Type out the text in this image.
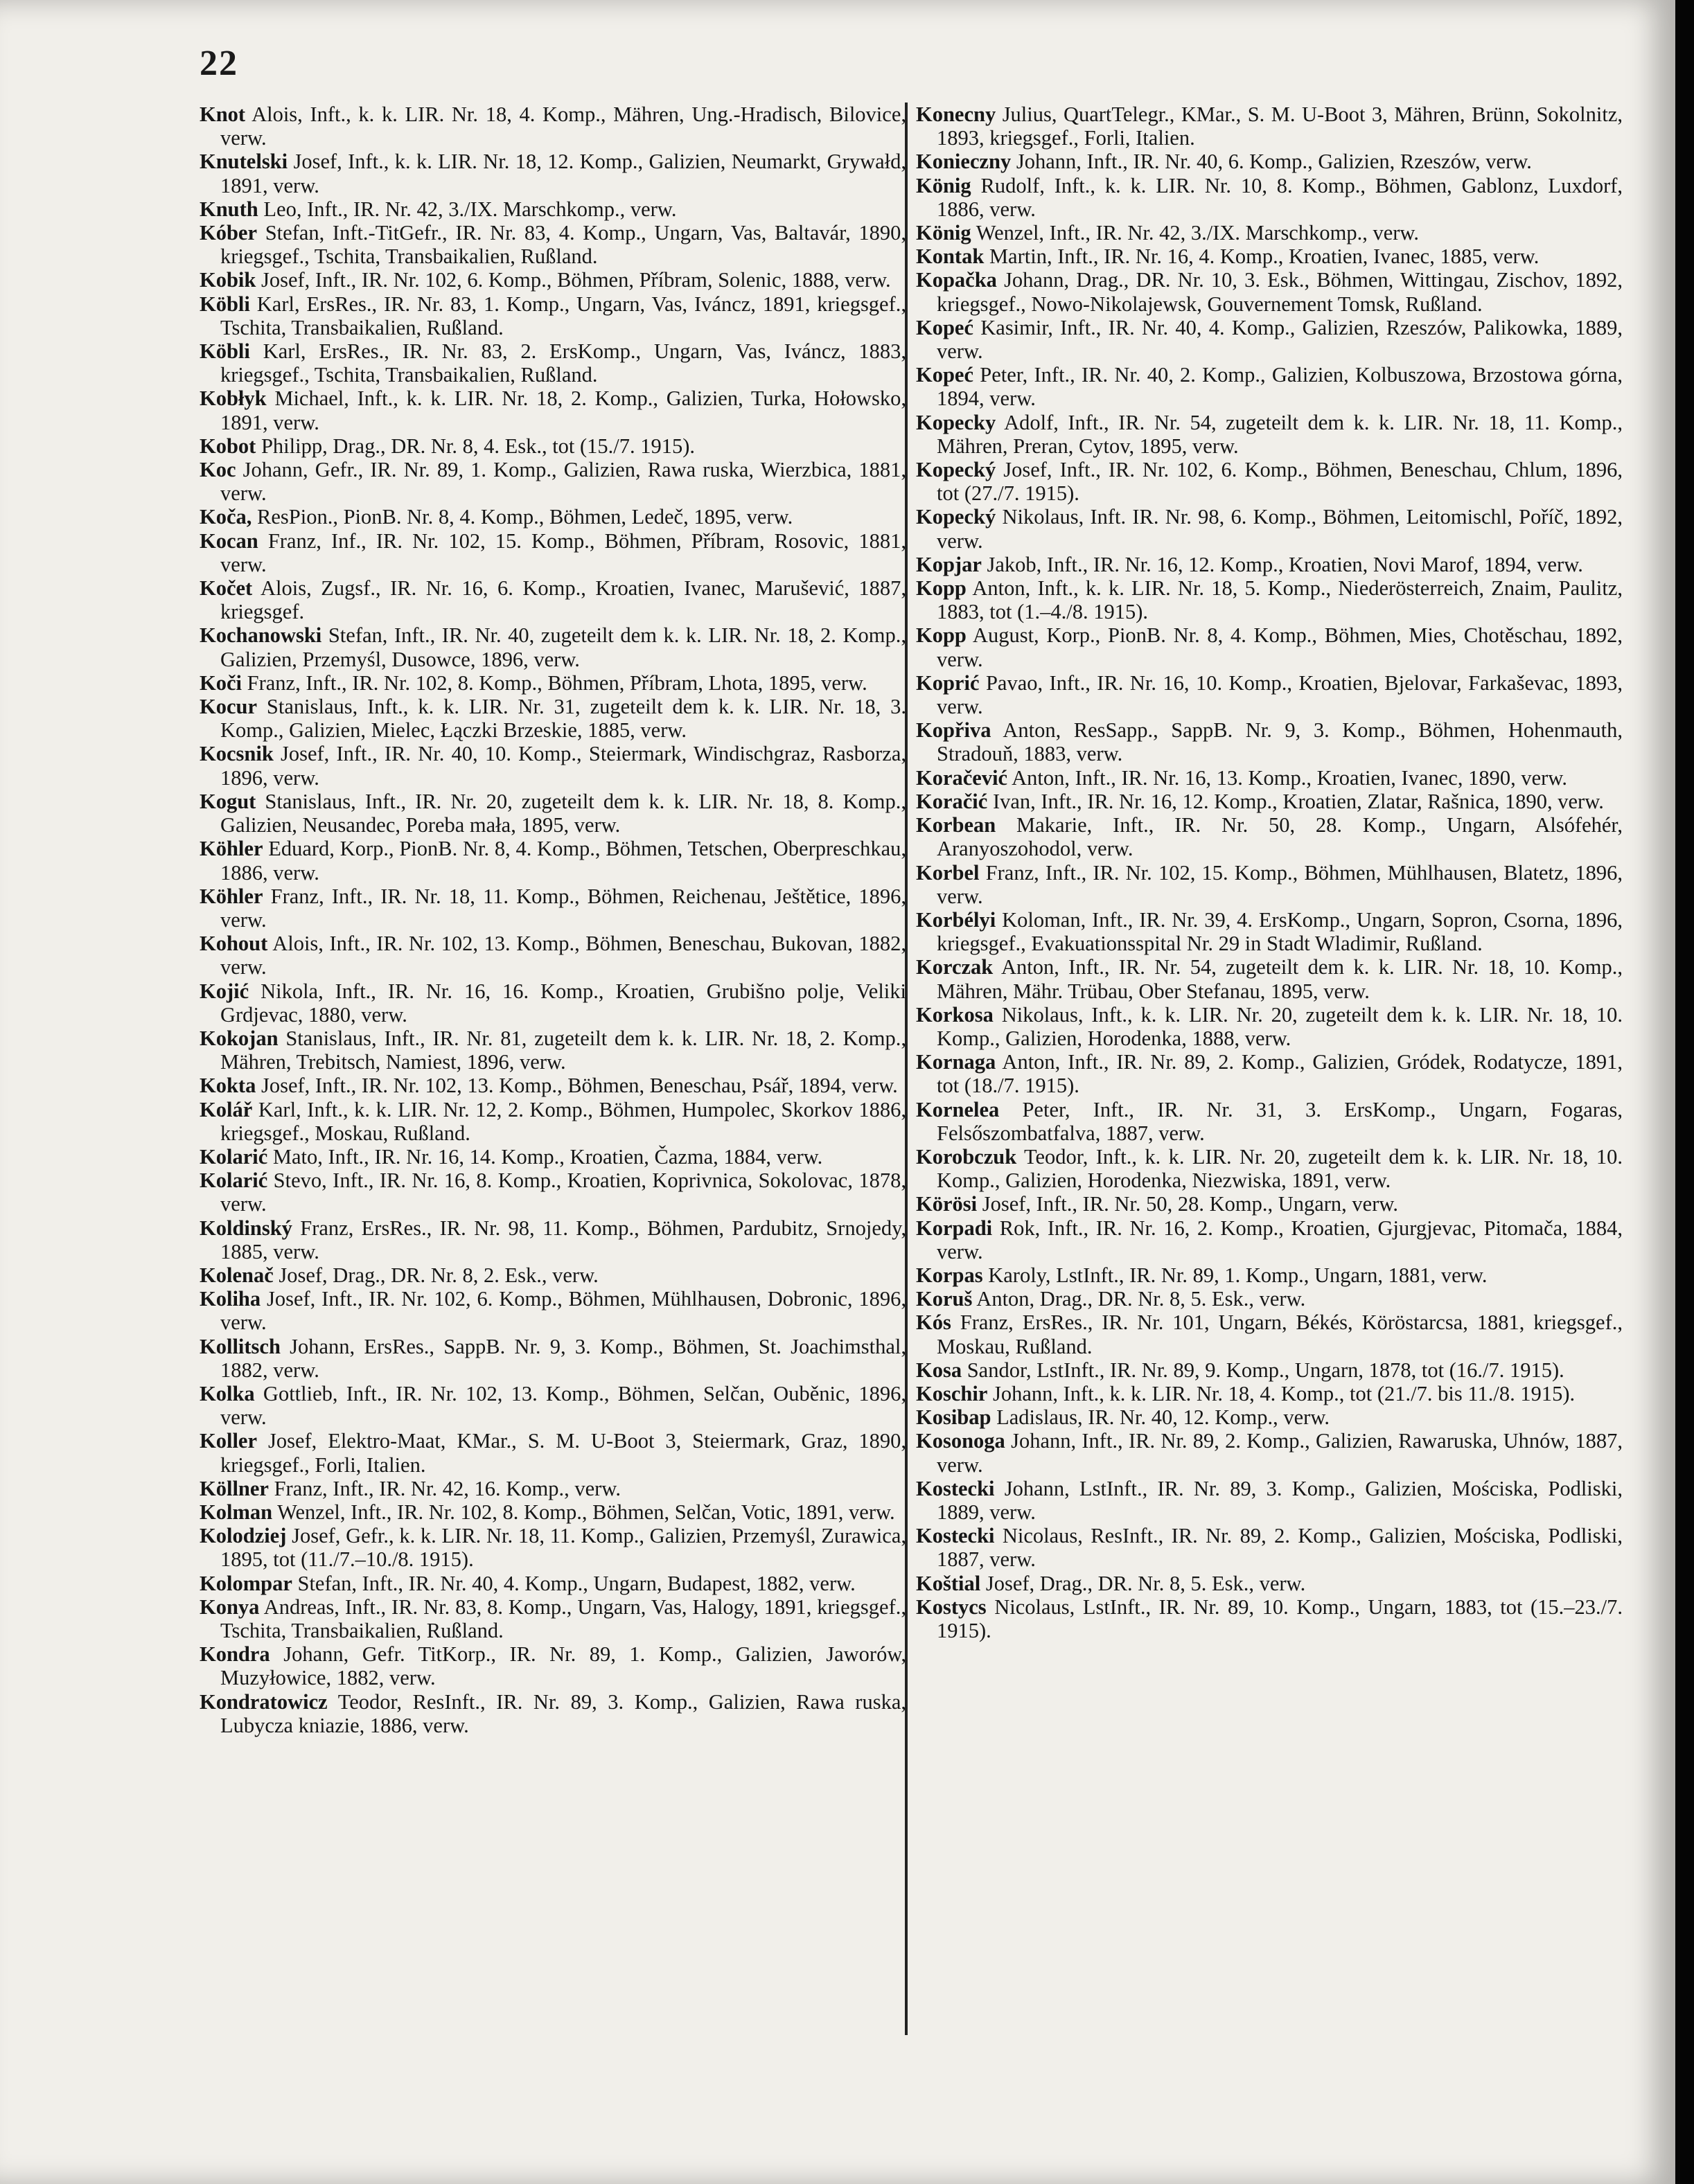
22
Knot Alois, Inft., k. k. LIR. Nr. 18, 4. Komp., Mähren, Ung.-Hradisch, Bilovice, verw.
Knutelski Josef, Inft., k. k. LIR. Nr. 18, 12. Komp., Galizien, Neumarkt, Grywałd, 1891, verw.
Knuth Leo, Inft., IR. Nr. 42, 3./IX. Marschkomp., verw.
Kóber Stefan, Inft.-TitGefr., IR. Nr. 83, 4. Komp., Ungarn, Vas, Baltavár, 1890, kriegsgef., Tschita, Transbaikalien, Rußland.
Kobik Josef, Inft., IR. Nr. 102, 6. Komp., Böhmen, Příbram, Solenic, 1888, verw.
Köbli Karl, ErsRes., IR. Nr. 83, 1. Komp., Ungarn, Vas, Iváncz, 1891, kriegsgef., Tschita, Transbaikalien, Rußland.
Köbli Karl, ErsRes., IR. Nr. 83, 2. ErsKomp., Ungarn, Vas, Iváncz, 1883, kriegsgef., Tschita, Transbaikalien, Rußland.
Kobłyk Michael, Inft., k. k. LIR. Nr. 18, 2. Komp., Galizien, Turka, Hołowsko, 1891, verw.
Kobot Philipp, Drag., DR. Nr. 8, 4. Esk., tot (15./7. 1915).
Koc Johann, Gefr., IR. Nr. 89, 1. Komp., Galizien, Rawa ruska, Wierzbica, 1881, verw.
Koča, ResPion., PionB. Nr. 8, 4. Komp., Böhmen, Ledeč, 1895, verw.
Kocan Franz, Inf., IR. Nr. 102, 15. Komp., Böhmen, Příbram, Rosovic, 1881, verw.
Kočet Alois, Zugsf., IR. Nr. 16, 6. Komp., Kroatien, Ivanec, Marušević, 1887, kriegsgef.
Kochanowski Stefan, Inft., IR. Nr. 40, zugeteilt dem k. k. LIR. Nr. 18, 2. Komp., Galizien, Przemyśl, Dusowce, 1896, verw.
Koči Franz, Inft., IR. Nr. 102, 8. Komp., Böhmen, Příbram, Lhota, 1895, verw.
Kocur Stanislaus, Inft., k. k. LIR. Nr. 31, zugeteilt dem k. k. LIR. Nr. 18, 3. Komp., Galizien, Mielec, Łączki Brzeskie, 1885, verw.
Kocsnik Josef, Inft., IR. Nr. 40, 10. Komp., Steiermark, Windischgraz, Rasborza, 1896, verw.
Kogut Stanislaus, Inft., IR. Nr. 20, zugeteilt dem k. k. LIR. Nr. 18, 8. Komp., Galizien, Neusandec, Poreba mała, 1895, verw.
Köhler Eduard, Korp., PionB. Nr. 8, 4. Komp., Böhmen, Tetschen, Oberpreschkau, 1886, verw.
Köhler Franz, Inft., IR. Nr. 18, 11. Komp., Böhmen, Reichenau, Ještětice, 1896, verw.
Kohout Alois, Inft., IR. Nr. 102, 13. Komp., Böhmen, Beneschau, Bukovan, 1882, verw.
Kojić Nikola, Inft., IR. Nr. 16, 16. Komp., Kroatien, Grubišno polje, Veliki Grdjevac, 1880, verw.
Kokojan Stanislaus, Inft., IR. Nr. 81, zugeteilt dem k. k. LIR. Nr. 18, 2. Komp., Mähren, Trebitsch, Namiest, 1896, verw.
Kokta Josef, Inft., IR. Nr. 102, 13. Komp., Böhmen, Beneschau, Psář, 1894, verw.
Kolář Karl, Inft., k. k. LIR. Nr. 12, 2. Komp., Böhmen, Humpolec, Skorkov 1886, kriegsgef., Moskau, Rußland.
Kolarić Mato, Inft., IR. Nr. 16, 14. Komp., Kroatien, Čazma, 1884, verw.
Kolarić Stevo, Inft., IR. Nr. 16, 8. Komp., Kroatien, Koprivnica, Sokolovac, 1878, verw.
Koldinský Franz, ErsRes., IR. Nr. 98, 11. Komp., Böhmen, Pardubitz, Srnojedy, 1885, verw.
Kolenač Josef, Drag., DR. Nr. 8, 2. Esk., verw.
Koliha Josef, Inft., IR. Nr. 102, 6. Komp., Böhmen, Mühlhausen, Dobronic, 1896, verw.
Kollitsch Johann, ErsRes., SappB. Nr. 9, 3. Komp., Böhmen, St. Joachimsthal, 1882, verw.
Kolka Gottlieb, Inft., IR. Nr. 102, 13. Komp., Böhmen, Selčan, Ouběnic, 1896, verw.
Koller Josef, Elektro-Maat, KMar., S. M. U-Boot 3, Steiermark, Graz, 1890, kriegsgef., Forli, Italien.
Köllner Franz, Inft., IR. Nr. 42, 16. Komp., verw.
Kolman Wenzel, Inft., IR. Nr. 102, 8. Komp., Böhmen, Selčan, Votic, 1891, verw.
Kolodziej Josef, Gefr., k. k. LIR. Nr. 18, 11. Komp., Galizien, Przemyśl, Zurawica, 1895, tot (11./7.–10./8. 1915).
Kolompar Stefan, Inft., IR. Nr. 40, 4. Komp., Ungarn, Budapest, 1882, verw.
Konya Andreas, Inft., IR. Nr. 83, 8. Komp., Ungarn, Vas, Halogy, 1891, kriegsgef., Tschita, Transbaikalien, Rußland.
Kondra Johann, Gefr. TitKorp., IR. Nr. 89, 1. Komp., Galizien, Jaworów, Muzyłowice, 1882, verw.
Kondratowicz Teodor, ResInft., IR. Nr. 89, 3. Komp., Galizien, Rawa ruska, Lubycza kniazie, 1886, verw.
Konecny Julius, QuartTelegr., KMar., S. M. U-Boot 3, Mähren, Brünn, Sokolnitz, 1893, kriegsgef., Forli, Italien.
Konieczny Johann, Inft., IR. Nr. 40, 6. Komp., Galizien, Rzeszów, verw.
König Rudolf, Inft., k. k. LIR. Nr. 10, 8. Komp., Böhmen, Gablonz, Luxdorf, 1886, verw.
König Wenzel, Inft., IR. Nr. 42, 3./IX. Marschkomp., verw.
Kontak Martin, Inft., IR. Nr. 16, 4. Komp., Kroatien, Ivanec, 1885, verw.
Kopačka Johann, Drag., DR. Nr. 10, 3. Esk., Böhmen, Wittingau, Zischov, 1892, kriegsgef., Nowo-Nikolajewsk, Gouvernement Tomsk, Rußland.
Kopeć Kasimir, Inft., IR. Nr. 40, 4. Komp., Galizien, Rzeszów, Palikowka, 1889, verw.
Kopeć Peter, Inft., IR. Nr. 40, 2. Komp., Galizien, Kolbuszowa, Brzostowa górna, 1894, verw.
Kopecky Adolf, Inft., IR. Nr. 54, zugeteilt dem k. k. LIR. Nr. 18, 11. Komp., Mähren, Preran, Cytov, 1895, verw.
Kopecký Josef, Inft., IR. Nr. 102, 6. Komp., Böhmen, Beneschau, Chlum, 1896, tot (27./7. 1915).
Kopecký Nikolaus, Inft. IR. Nr. 98, 6. Komp., Böhmen, Leitomischl, Poříč, 1892, verw.
Kopjar Jakob, Inft., IR. Nr. 16, 12. Komp., Kroatien, Novi Marof, 1894, verw.
Kopp Anton, Inft., k. k. LIR. Nr. 18, 5. Komp., Niederösterreich, Znaim, Paulitz, 1883, tot (1.–4./8. 1915).
Kopp August, Korp., PionB. Nr. 8, 4. Komp., Böhmen, Mies, Chotěschau, 1892, verw.
Koprić Pavao, Inft., IR. Nr. 16, 10. Komp., Kroatien, Bjelovar, Farkaševac, 1893, verw.
Kopřiva Anton, ResSapp., SappB. Nr. 9, 3. Komp., Böhmen, Hohenmauth, Stradouň, 1883, verw.
Koračević Anton, Inft., IR. Nr. 16, 13. Komp., Kroatien, Ivanec, 1890, verw.
Koračić Ivan, Inft., IR. Nr. 16, 12. Komp., Kroatien, Zlatar, Rašnica, 1890, verw.
Korbean Makarie, Inft., IR. Nr. 50, 28. Komp., Ungarn, Alsófehér, Aranyoszohodol, verw.
Korbel Franz, Inft., IR. Nr. 102, 15. Komp., Böhmen, Mühlhausen, Blatetz, 1896, verw.
Korbélyi Koloman, Inft., IR. Nr. 39, 4. ErsKomp., Ungarn, Sopron, Csorna, 1896, kriegsgef., Evakuationsspital Nr. 29 in Stadt Wladimir, Rußland.
Korczak Anton, Inft., IR. Nr. 54, zugeteilt dem k. k. LIR. Nr. 18, 10. Komp., Mähren, Mähr. Trübau, Ober Stefanau, 1895, verw.
Korkosa Nikolaus, Inft., k. k. LIR. Nr. 20, zugeteilt dem k. k. LIR. Nr. 18, 10. Komp., Galizien, Horodenka, 1888, verw.
Kornaga Anton, Inft., IR. Nr. 89, 2. Komp., Galizien, Gródek, Rodatycze, 1891, tot (18./7. 1915).
Kornelea Peter, Inft., IR. Nr. 31, 3. ErsKomp., Ungarn, Fogaras, Felsőszombatfalva, 1887, verw.
Korobczuk Teodor, Inft., k. k. LIR. Nr. 20, zugeteilt dem k. k. LIR. Nr. 18, 10. Komp., Galizien, Horodenka, Niezwiska, 1891, verw.
Körösi Josef, Inft., IR. Nr. 50, 28. Komp., Ungarn, verw.
Korpadi Rok, Inft., IR. Nr. 16, 2. Komp., Kroatien, Gjurgjevac, Pitomača, 1884, verw.
Korpas Karoly, LstInft., IR. Nr. 89, 1. Komp., Ungarn, 1881, verw.
Koruš Anton, Drag., DR. Nr. 8, 5. Esk., verw.
Kós Franz, ErsRes., IR. Nr. 101, Ungarn, Békés, Köröstarcsa, 1881, kriegsgef., Moskau, Rußland.
Kosa Sandor, LstInft., IR. Nr. 89, 9. Komp., Ungarn, 1878, tot (16./7. 1915).
Koschir Johann, Inft., k. k. LIR. Nr. 18, 4. Komp., tot (21./7. bis 11./8. 1915).
Kosibap Ladislaus, IR. Nr. 40, 12. Komp., verw.
Kosonoga Johann, Inft., IR. Nr. 89, 2. Komp., Galizien, Rawaruska, Uhnów, 1887, verw.
Kostecki Johann, LstInft., IR. Nr. 89, 3. Komp., Galizien, Mościska, Podliski, 1889, verw.
Kostecki Nicolaus, ResInft., IR. Nr. 89, 2. Komp., Galizien, Mościska, Podliski, 1887, verw.
Koštial Josef, Drag., DR. Nr. 8, 5. Esk., verw.
Kostycs Nicolaus, LstInft., IR. Nr. 89, 10. Komp., Ungarn, 1883, tot (15.–23./7. 1915).
